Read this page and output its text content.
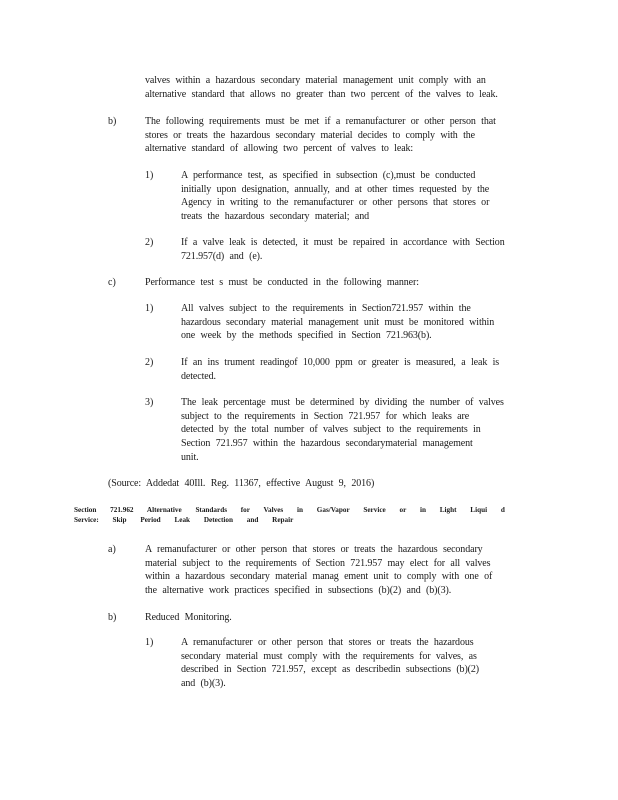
valves within a hazardous secondary material management unit comply with an
alternative standard that allows no greater than two percent of the valves to leak.
b)	The following requirements must be met if a remanufacturer or other person that
stores or treats the hazardous secondary material decides to comply with the
alternative standard of allowing two percent of valves to leak:
1)	A performance test, as specified in subsection (c),must be conducted
initially upon designation, annually, and at other times requested by the
Agency in writing to the remanufacturer or other persons that stores or
treats the hazardous secondary material; and
2)	If a valve leak is detected, it must be repaired in accordance with Section
721.957(d) and (e).
c)	Performance test s must be conducted in the following manner:
1)	All valves subject to the requirements in Section721.957 within the
hazardous secondary material management unit must be monitored within
one week by the methods specified in Section 721.963(b).
2)	If an ins trument readingof 10,000 ppm or greater is measured, a leak is
detected.
3)	The leak percentage must be determined by dividing the number of valves
subject to the requirements in Section 721.957 for which leaks are
detected by the total number of valves subject to the requirements in
Section 721.957 within the hazardous secondarymaterial management
unit.
(Source: Addedat 40Ill. Reg. 11367, effective August 9, 2016)
Section 721.962 Alternative Standards for Valves in Gas/Vapor Service or in Light Liqui d
Service: Skip Period Leak Detection and Repair
a)	A remanufacturer or other person that stores or treats the hazardous secondary
material subject to the requirements of Section 721.957 may elect for all valves
within a hazardous secondary material manag ement unit to comply with one of
the alternative work practices specified in subsections (b)(2) and (b)(3).
b)	Reduced Monitoring.
1)	A remanufacturer or other person that stores or treats the hazardous
secondary material must comply with the requirements for valves, as
described in Section 721.957, except as describedin subsections (b)(2)
and (b)(3).
